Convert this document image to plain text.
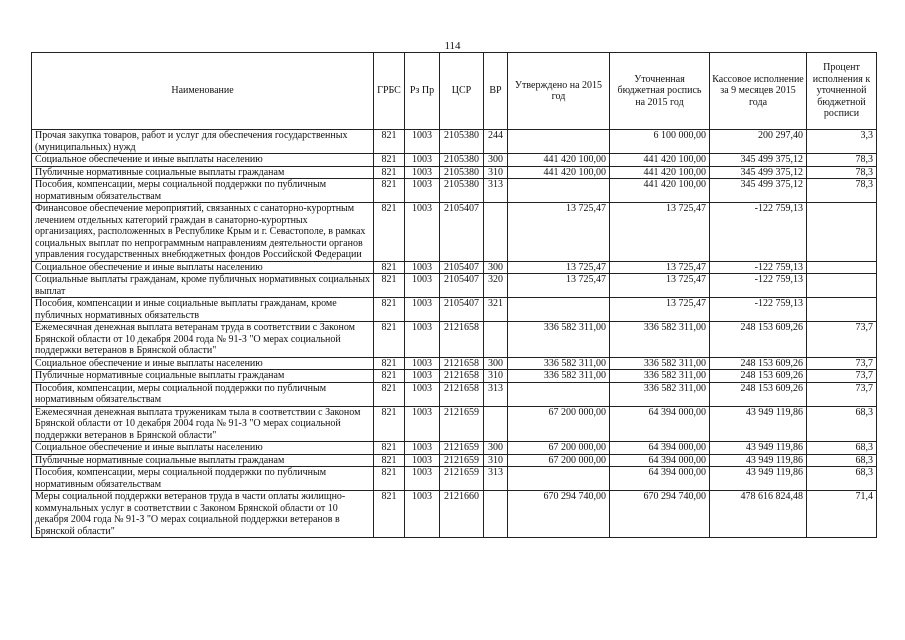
114
Наименование	ГРБС	Рз Пр	ЦСР	ВР	Утверждено на 2015 год	Уточненная бюджетная роспись на 2015 год	Кассовое исполнение за 9 месяцев 2015 года	Процент исполнения к уточненной бюджетной росписи
Прочая закупка товаров, работ и услуг для обеспечения государственных (муниципальных) нужд	821	1003	2105380	244		6 100 000,00	200 297,40	3,3
Социальное обеспечение и иные выплаты населению	821	1003	2105380	300	441 420 100,00	441 420 100,00	345 499 375,12	78,3
Публичные нормативные социальные выплаты гражданам	821	1003	2105380	310	441 420 100,00	441 420 100,00	345 499 375,12	78,3
Пособия, компенсации, меры социальной поддержки по публичным нормативным обязательствам	821	1003	2105380	313		441 420 100,00	345 499 375,12	78,3
Финансовое обеспечение мероприятий, связанных с санаторно-курортным лечением отдельных категорий граждан в санаторно-курортных организациях, расположенных в Республике Крым и г. Севастополе, в рамках социальных выплат по непрограммным направлениям деятельности органов управления государственных внебюджетных фондов Российской Федерации	821	1003	2105407		13 725,47	13 725,47	-122 759,13	
Социальное обеспечение и иные выплаты населению	821	1003	2105407	300	13 725,47	13 725,47	-122 759,13	
Социальные выплаты гражданам, кроме публичных нормативных социальных выплат	821	1003	2105407	320	13 725,47	13 725,47	-122 759,13	
Пособия, компенсации и иные социальные выплаты гражданам, кроме публичных нормативных обязательств	821	1003	2105407	321		13 725,47	-122 759,13	
Ежемесячная денежная выплата ветеранам труда в соответствии с Законом Брянской области от 10 декабря 2004 года № 91-З "О мерах социальной поддержки ветеранов в Брянской области"	821	1003	2121658		336 582 311,00	336 582 311,00	248 153 609,26	73,7
Социальное обеспечение и иные выплаты населению	821	1003	2121658	300	336 582 311,00	336 582 311,00	248 153 609,26	73,7
Публичные нормативные социальные выплаты гражданам	821	1003	2121658	310	336 582 311,00	336 582 311,00	248 153 609,26	73,7
Пособия, компенсации, меры социальной поддержки по публичным нормативным обязательствам	821	1003	2121658	313		336 582 311,00	248 153 609,26	73,7
Ежемесячная денежная выплата труженикам тыла в соответствии с Законом Брянской области от 10 декабря 2004 года № 91-З "О мерах социальной поддержки ветеранов в Брянской области"	821	1003	2121659		67 200 000,00	64 394 000,00	43 949 119,86	68,3
Социальное обеспечение и иные выплаты населению	821	1003	2121659	300	67 200 000,00	64 394 000,00	43 949 119,86	68,3
Публичные нормативные социальные выплаты гражданам	821	1003	2121659	310	67 200 000,00	64 394 000,00	43 949 119,86	68,3
Пособия, компенсации, меры социальной поддержки по публичным нормативным обязательствам	821	1003	2121659	313		64 394 000,00	43 949 119,86	68,3
Меры социальной поддержки ветеранов труда в части оплаты жилищно-коммунальных услуг в соответствии с Законом Брянской области от 10 декабря 2004 года № 91-З "О мерах социальной поддержки ветеранов в Брянской области"	821	1003	2121660		670 294 740,00	670 294 740,00	478 616 824,48	71,4
